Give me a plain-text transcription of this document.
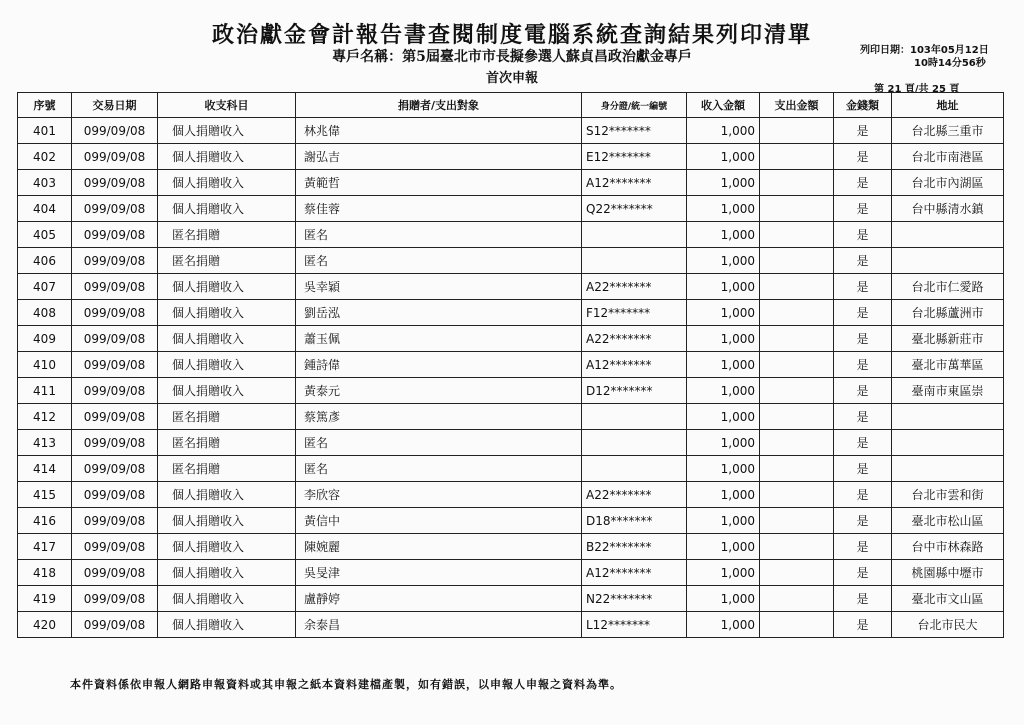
政治獻金會計報告書查閱制度電腦系統查詢結果列印清單
專戶名稱：第5屆臺北市市長擬參選人蘇貞昌政治獻金專戶
首次申報
列印日期：103年05月12日
10時14分56秒
第 21 頁/共 25 頁
序號	交易日期	收支科目	捐贈者/支出對象	身分證/統一編號	收入金額	支出金額	金錢類	地址
401	099/09/08	個人捐贈收入	林兆偉	S12*******	1,000		是	台北縣三重市
402	099/09/08	個人捐贈收入	謝弘吉	E12*******	1,000		是	台北市南港區
403	099/09/08	個人捐贈收入	黃範哲	A12*******	1,000		是	台北市內湖區
404	099/09/08	個人捐贈收入	蔡佳蓉	Q22*******	1,000		是	台中縣清水鎮
405	099/09/08	匿名捐贈	匿名		1,000		是	
406	099/09/08	匿名捐贈	匿名		1,000		是	
407	099/09/08	個人捐贈收入	吳幸穎	A22*******	1,000		是	台北市仁愛路
408	099/09/08	個人捐贈收入	劉岳泓	F12*******	1,000		是	台北縣蘆洲市
409	099/09/08	個人捐贈收入	蕭玉佩	A22*******	1,000		是	臺北縣新莊市
410	099/09/08	個人捐贈收入	鍾詩偉	A12*******	1,000		是	臺北市萬華區
411	099/09/08	個人捐贈收入	黃泰元	D12*******	1,000		是	臺南市東區崇
412	099/09/08	匿名捐贈	蔡篤彥		1,000		是	
413	099/09/08	匿名捐贈	匿名		1,000		是	
414	099/09/08	匿名捐贈	匿名		1,000		是	
415	099/09/08	個人捐贈收入	李欣容	A22*******	1,000		是	台北市雲和街
416	099/09/08	個人捐贈收入	黃信中	D18*******	1,000		是	臺北市松山區
417	099/09/08	個人捐贈收入	陳婉麗	B22*******	1,000		是	台中市林森路
418	099/09/08	個人捐贈收入	吳旻津	A12*******	1,000		是	桃園縣中壢市
419	099/09/08	個人捐贈收入	盧靜婷	N22*******	1,000		是	臺北市文山區
420	099/09/08	個人捐贈收入	余泰昌	L12*******	1,000		是	台北市民大
本件資料係依申報人網路申報資料或其申報之紙本資料建檔產製，如有錯誤，以申報人申報之資料為準。
